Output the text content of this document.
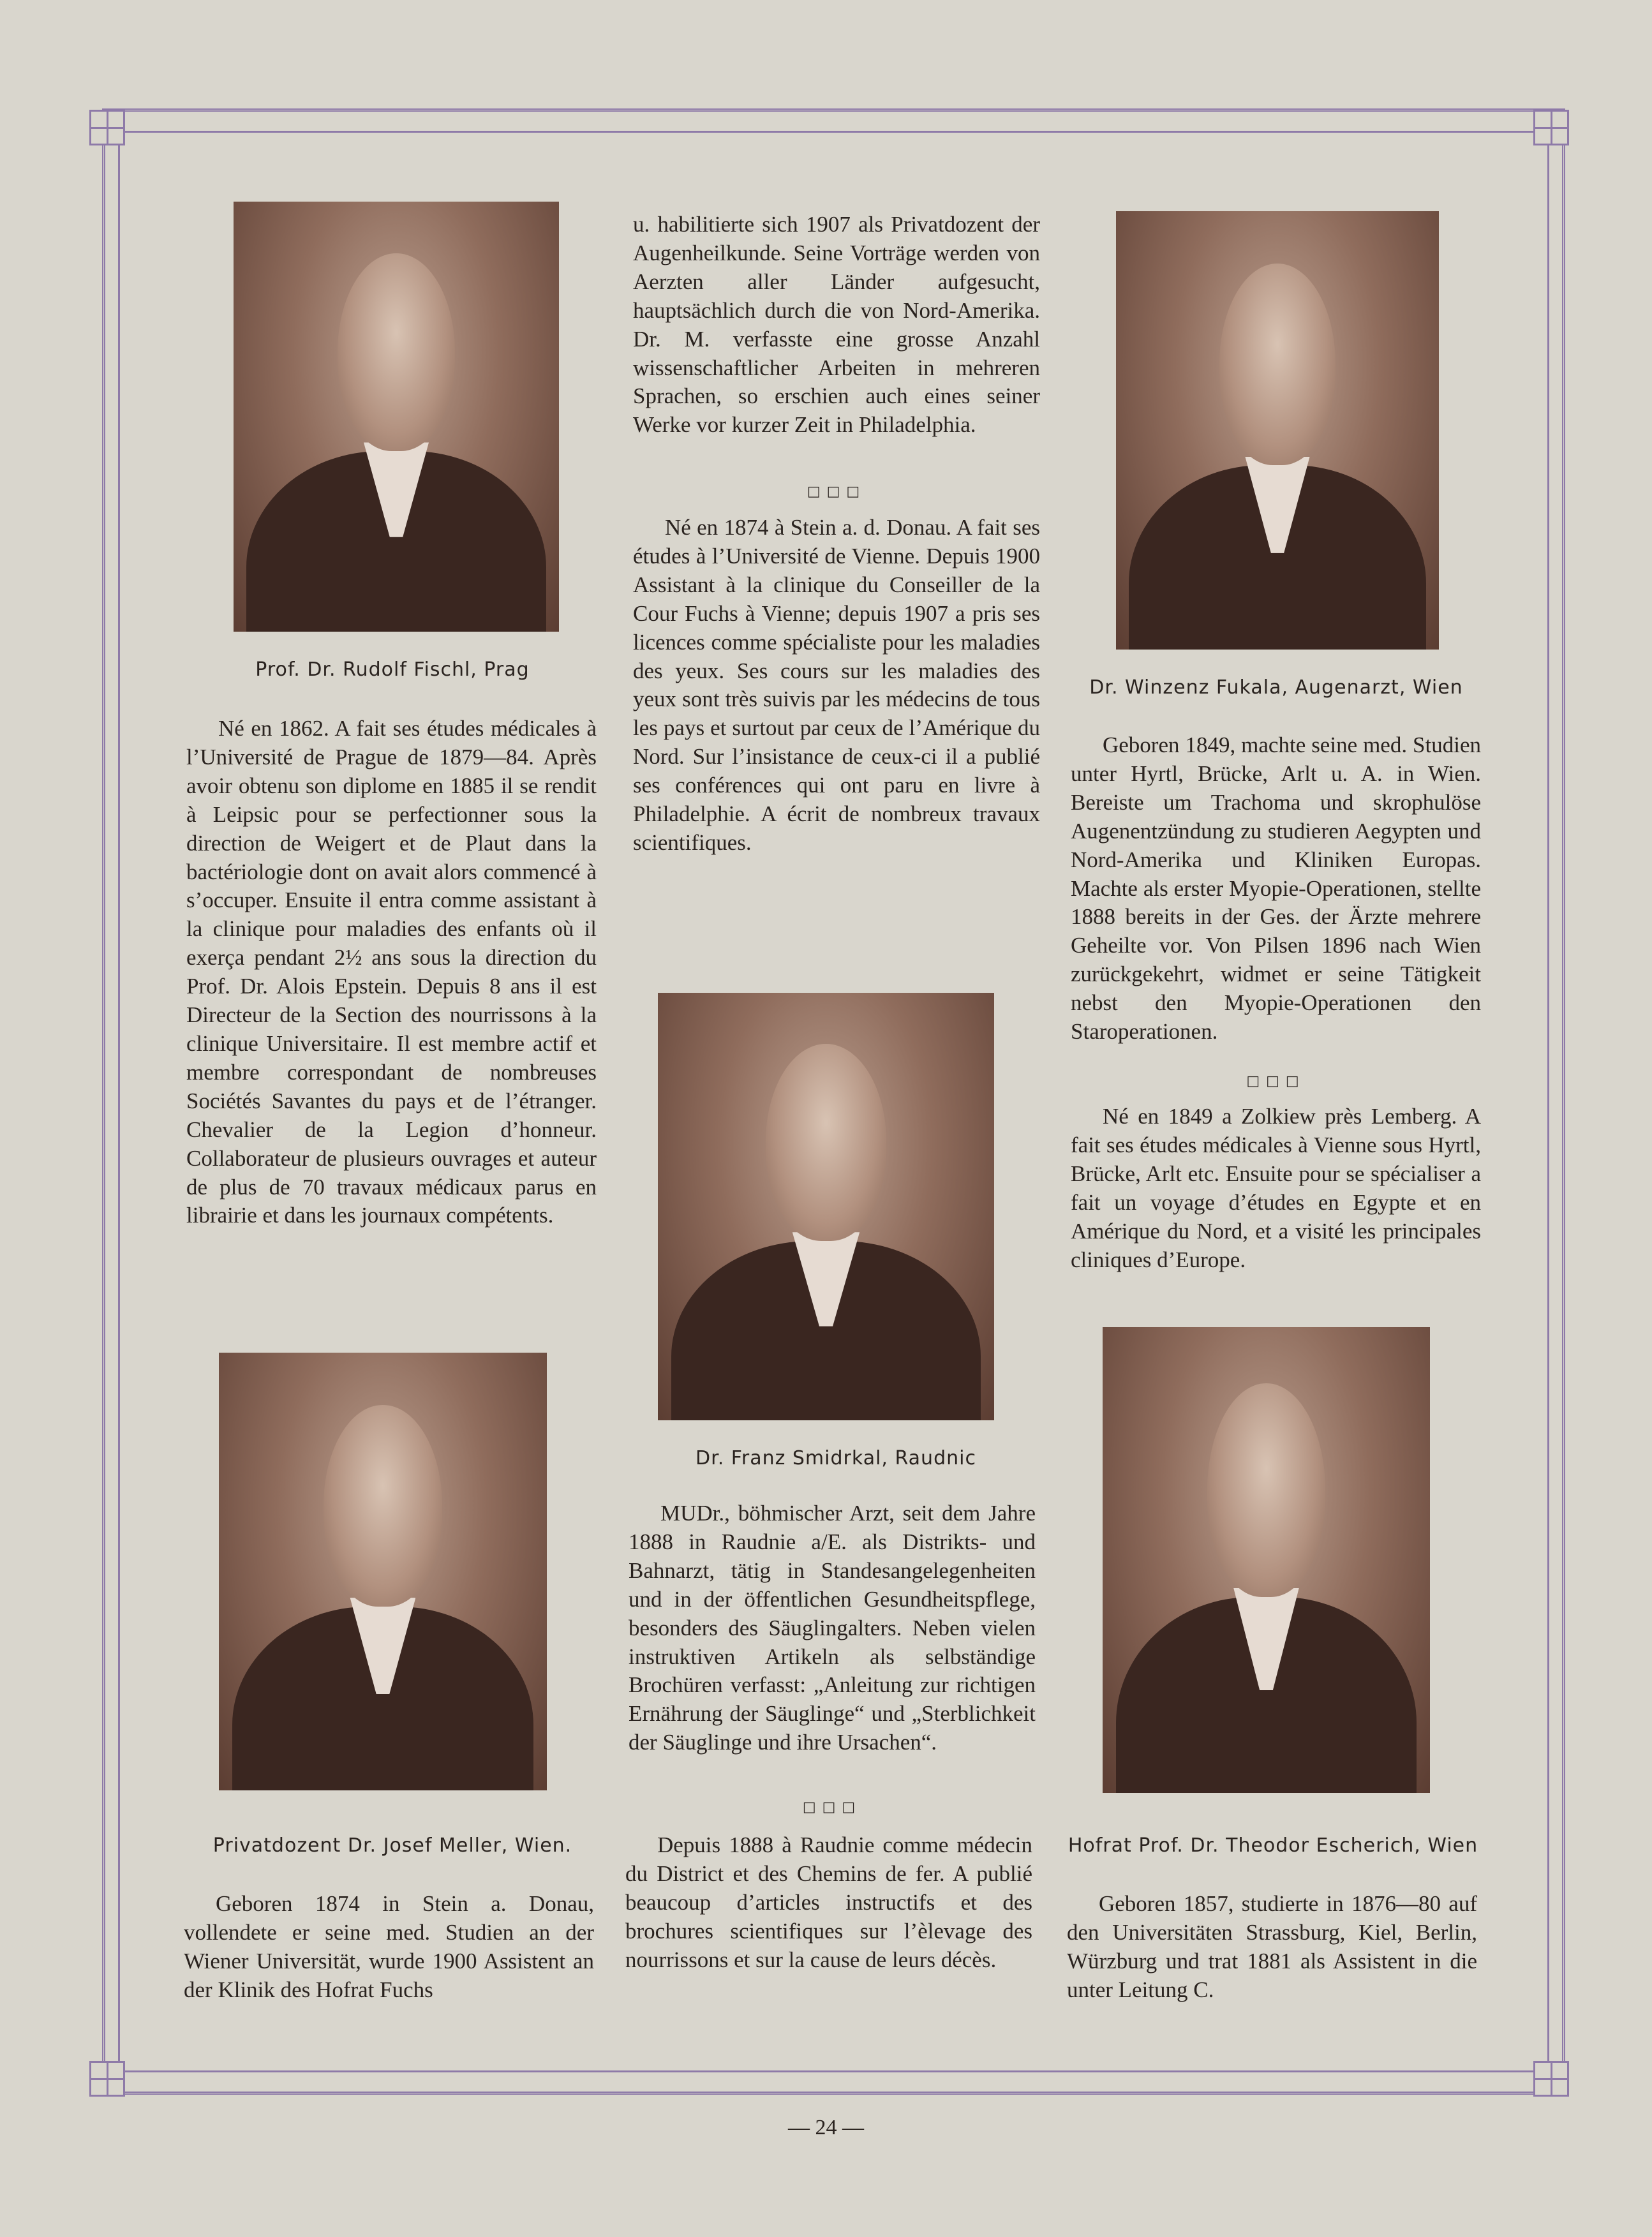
Prof. Dr. Rudolf Fischl, Prag

Né en 1862. A fait ses études médicales à l’Université de Prague de 1879—84. Après avoir obtenu son diplome en 1885 il se rendit à Leipsic pour se perfectionner sous la direction de Weigert et de Plaut dans la bactériologie dont on avait alors commencé à s’occuper. Ensuite il entra comme assistant à la clinique pour maladies des enfants où il exerça pendant 2½ ans sous la direction du Prof. Dr. Alois Epstein. Depuis 8 ans il est Directeur de la Section des nourrissons à la clinique Universitaire. Il est membre actif et membre correspondant de nombreuses Sociétés Savantes du pays et de l’étranger. Chevalier de la Legion d’honneur. Collaborateur de plusieurs ouvrages et auteur de plus de 70 travaux médicaux parus en librairie et dans les journaux compétents.

Privatdozent Dr. Josef Meller, Wien.

Geboren 1874 in Stein a. Donau, vollendete er seine med. Studien an der Wiener Universität, wurde 1900 Assistent an der Klinik des Hofrat Fuchs

u. habilitierte sich 1907 als Privatdozent der Augenheilkunde. Seine Vorträge werden von Aerzten aller Länder aufgesucht, hauptsächlich durch die von Nord-Amerika. Dr. M. verfasste eine grosse Anzahl wissenschaftlicher Arbeiten in mehreren Sprachen, so erschien auch eines seiner Werke vor kurzer Zeit in Philadelphia.

□□□

Né en 1874 à Stein a. d. Donau. A fait ses études à l’Université de Vienne. Depuis 1900 Assistant à la clinique du Conseiller de la Cour Fuchs à Vienne; depuis 1907 a pris ses licences comme spécialiste pour les maladies des yeux. Ses cours sur les maladies des yeux sont très suivis par les médecins de tous les pays et surtout par ceux de l’Amérique du Nord. Sur l’insistance de ceux-ci il a publié ses conférences qui ont paru en livre à Philadelphie. A écrit de nombreux travaux scientifiques.

Dr. Franz Smidrkal, Raudnic

MUDr., böhmischer Arzt, seit dem Jahre 1888 in Raudnie a/E. als Distrikts- und Bahnarzt, tätig in Standesangelegenheiten und in der öffentlichen Gesundheitspflege, besonders des Säuglingalters. Neben vielen instruktiven Artikeln als selbständige Brochüren verfasst: „Anleitung zur richtigen Ernährung der Säuglinge“ und „Sterblichkeit der Säuglinge und ihre Ursachen“.

□□□

Depuis 1888 à Raudnie comme médecin du District et des Chemins de fer. A publié beaucoup d’articles instructifs et des brochures scientifiques sur l’èlevage des nourrissons et sur la cause de leurs décès.

Dr. Winzenz Fukala, Augenarzt, Wien

Geboren 1849, machte seine med. Studien unter Hyrtl, Brücke, Arlt u. A. in Wien. Bereiste um Trachoma und skrophulöse Augenentzündung zu studieren Aegypten und Nord-Amerika und Kliniken Europas. Machte als erster Myopie-Operationen, stellte 1888 bereits in der Ges. der Ärzte mehrere Geheilte vor. Von Pilsen 1896 nach Wien zurückgekehrt, widmet er seine Tätigkeit nebst den Myopie-Operationen den Staroperationen.

□□□

Né en 1849 a Zolkiew près Lemberg. A fait ses études médicales à Vienne sous Hyrtl, Brücke, Arlt etc. Ensuite pour se spécialiser a fait un voyage d’études en Egypte et en Amérique du Nord, et a visité les principales cliniques d’Europe.

Hofrat Prof. Dr. Theodor Escherich, Wien

Geboren 1857, studierte in 1876—80 auf den Universitäten Strassburg, Kiel, Berlin, Würzburg und trat 1881 als Assistent in die unter Leitung C.

— 24 —
